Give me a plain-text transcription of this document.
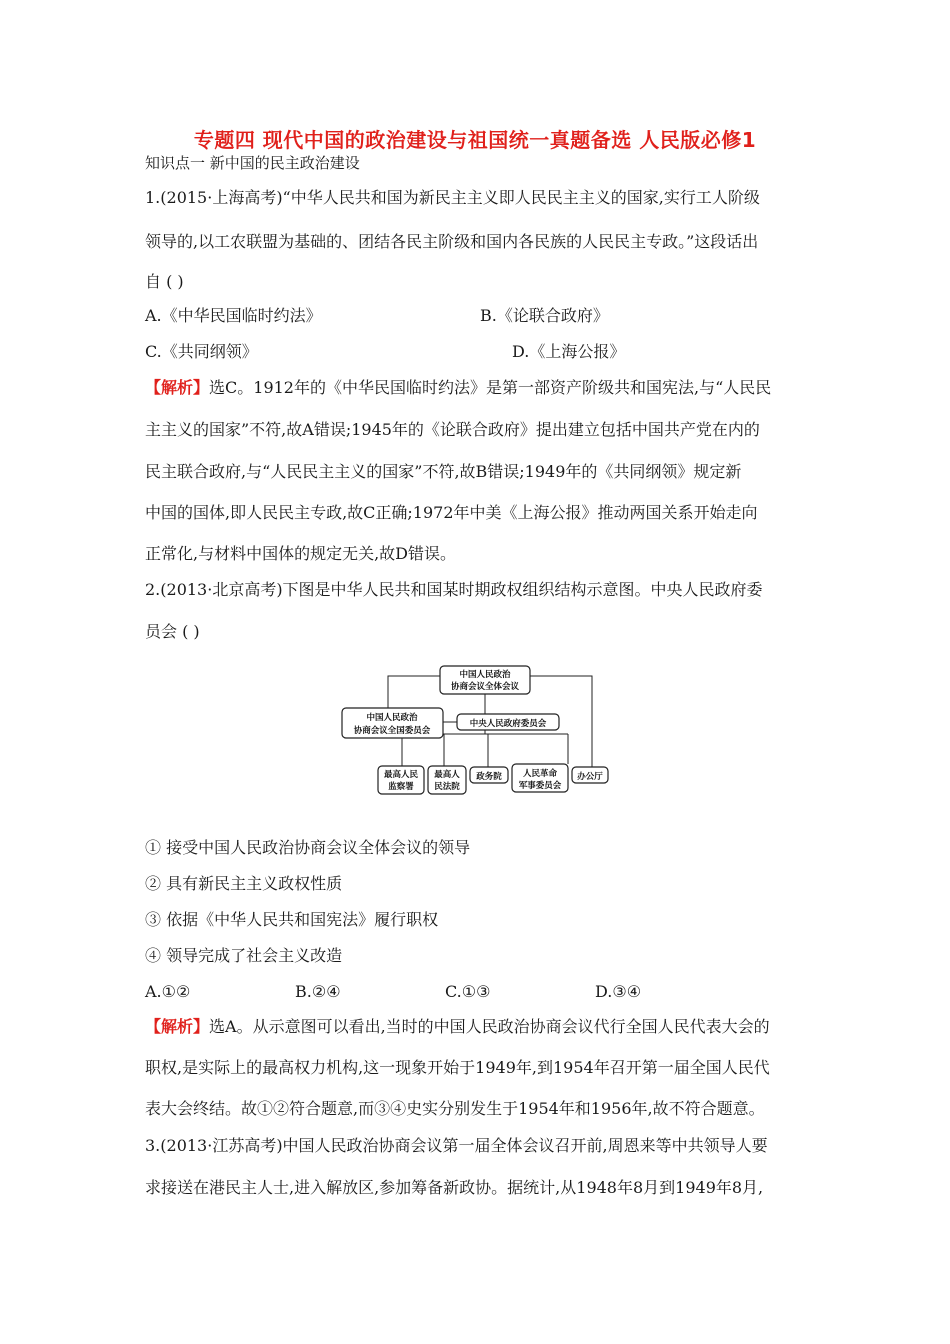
专题四 现代中国的政治建设与祖国统一真题备选 人民版必修1
知识点一 新中国的民主政治建设
1.(2015·上海高考)“中华人民共和国为新民主主义即人民民主主义的国家,实行工人阶级
领导的,以工农联盟为基础的、团结各民主阶级和国内各民族的人民民主专政。”这段话出
自 ( )
A.《中华民国临时约法》	B.《论联合政府》
C.《共同纲领》	D.《上海公报》
【解析】选C。1912年的《中华民国临时约法》是第一部资产阶级共和国宪法,与“人民民
主主义的国家”不符,故A错误;1945年的《论联合政府》提出建立包括中国共产党在内的
民主联合政府,与“人民民主主义的国家”不符,故B错误;1949年的《共同纲领》规定新
中国的国体,即人民民主专政,故C正确;1972年中美《上海公报》推动两国关系开始走向
正常化,与材料中国体的规定无关,故D错误。
2.(2013·北京高考)下图是中华人民共和国某时期政权组织结构示意图。中央人民政府委
员会 ( )
中国人民政治
协商会议全体会议
中国人民政治
协商会议全国委员会
中央人民政府委员会
最高人民
监察署
最高人
民法院
政务院 人民革命
军事委员会
办公厅
① 接受中国人民政治协商会议全体会议的领导
② 具有新民主主义政权性质
③ 依据《中华人民共和国宪法》履行职权
④ 领导完成了社会主义改造
A.①②	B.②④	C.①③	D.③④
【解析】选A。从示意图可以看出,当时的中国人民政治协商会议代行全国人民代表大会的
职权,是实际上的最高权力机构,这一现象开始于1949年,到1954年召开第一届全国人民代
表大会终结。故①②符合题意,而③④史实分别发生于1954年和1956年,故不符合题意。
3.(2013·江苏高考)中国人民政治协商会议第一届全体会议召开前,周恩来等中共领导人要
求接送在港民主人士,进入解放区,参加筹备新政协。据统计,从1948年8月到1949年8月,
